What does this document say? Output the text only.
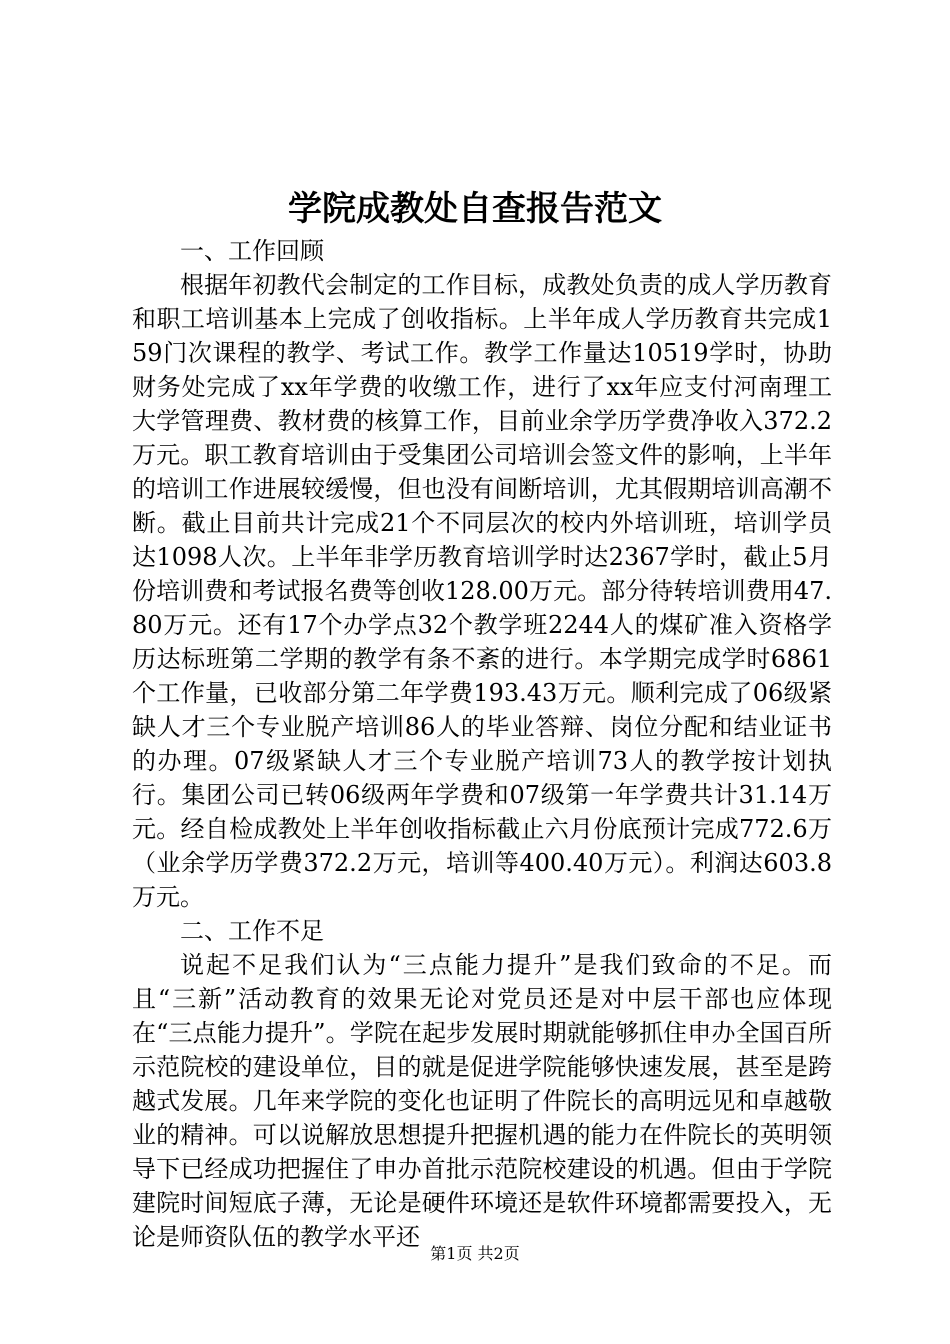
学院成教处自查报告范文

一、工作回顾

根据年初教代会制定的工作目标，成教处负责的成人学历教育和职工培训基本上完成了创收指标。上半年成人学历教育共完成159门次课程的教学、考试工作。教学工作量达10519学时，协助财务处完成了xx年学费的收缴工作，进行了xx年应支付河南理工大学管理费、教材费的核算工作，目前业余学历学费净收入372.2万元。职工教育培训由于受集团公司培训会签文件的影响，上半年的培训工作进展较缓慢，但也没有间断培训，尤其假期培训高潮不断。截止目前共计完成21个不同层次的校内外培训班，培训学员达1098人次。上半年非学历教育培训学时达2367学时，截止5月份培训费和考试报名费等创收128.00万元。部分待转培训费用47.80万元。还有17个办学点32个教学班2244人的煤矿准入资格学历达标班第二学期的教学有条不紊的进行。本学期完成学时6861个工作量，已收部分第二年学费193.43万元。顺利完成了06级紧缺人才三个专业脱产培训86人的毕业答辩、岗位分配和结业证书的办理。07级紧缺人才三个专业脱产培训73人的教学按计划执行。集团公司已转06级两年学费和07级第一年学费共计31.14万元。经自检成教处上半年创收指标截止六月份底预计完成772.6万（业余学历学费372.2万元，培训等400.40万元）。利润达603.8万元。

二、工作不足

说起不足我们认为“三点能力提升”是我们致命的不足。而且“三新”活动教育的效果无论对党员还是对中层干部也应体现在“三点能力提升”。学院在起步发展时期就能够抓住申办全国百所示范院校的建设单位，目的就是促进学院能够快速发展，甚至是跨越式发展。几年来学院的变化也证明了件院长的高明远见和卓越敬业的精神。可以说解放思想提升把握机遇的能力在件院长的英明领导下已经成功把握住了申办首批示范院校建设的机遇。但由于学院建院时间短底子薄，无论是硬件环境还是软件环境都需要投入，无论是师资队伍的教学水平还

第1页 共2页
